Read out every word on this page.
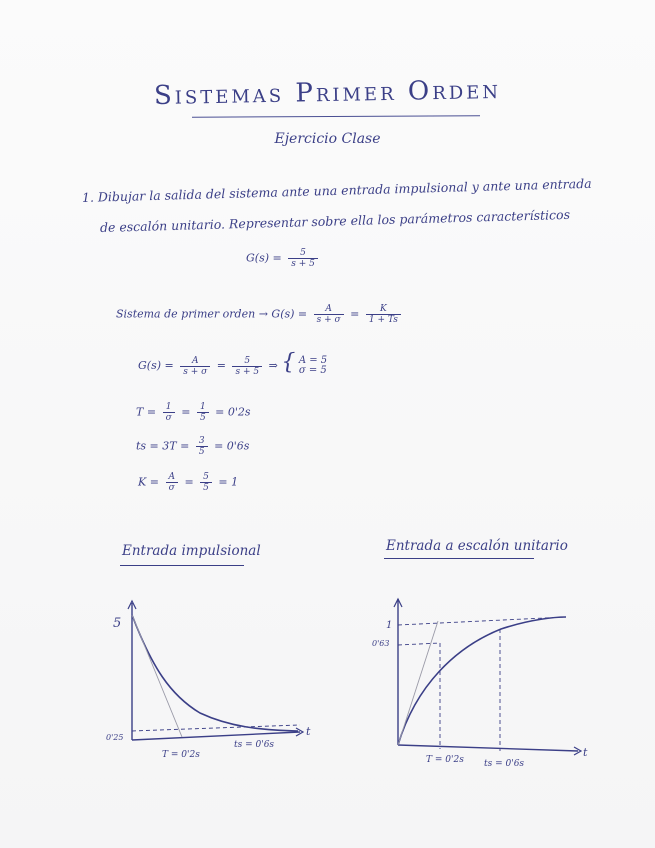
Sistemas Primer Orden
Ejercicio Clase
1. Dibujar la salida del sistema ante una entrada impulsional y ante una entrada
de escalón unitario. Representar sobre ella los parámetros característicos
$G(s) = \frac{5}{s + 5}$
Sistema de primer orden → $G(s) = \frac{A}{s + \sigma} = \frac{K}{1 + Ts}$
$G(s) = \frac{A}{s + \sigma} = \frac{5}{s + 5}$ ⇒ { A = 5
σ = 5
$T = \frac{1}{\sigma} = \frac{1}{5} = 0'2s$
ts = $3T = \frac{3}{5} = 0'6s$
$K = \frac{A}{\sigma} = \frac{5}{5} = 1$
Entrada impulsional	Entrada a escalón unitario
5
0'25
T = 0'2s
ts = 0'6s
t
1
0'63
T = 0'2s ts = 0'6s
t
